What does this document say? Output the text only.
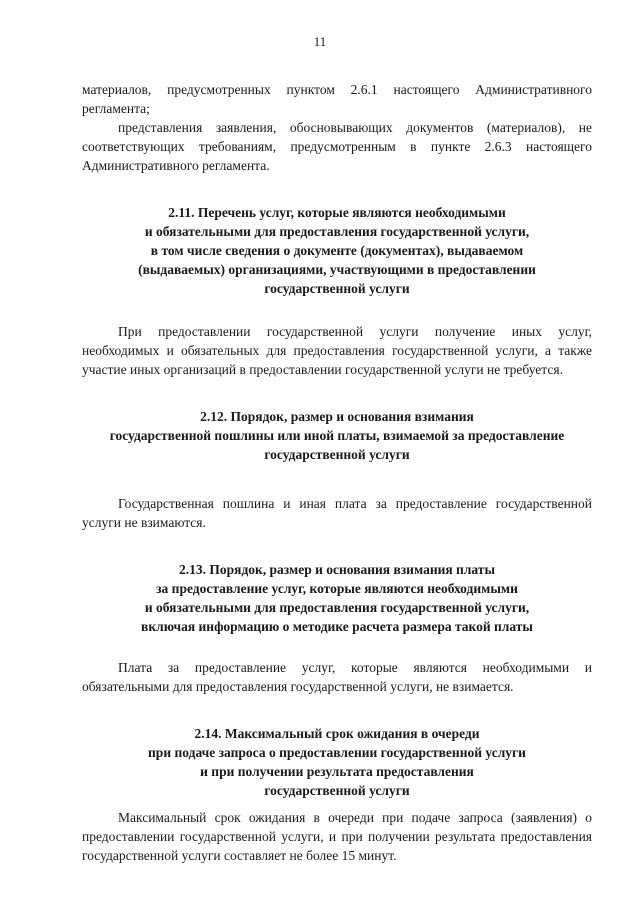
11

материалов, предусмотренных пунктом 2.6.1 настоящего Административного регламента;

представления заявления, обосновывающих документов (материалов), не соответствующих требованиям, предусмотренным в пункте 2.6.3 настоящего Административного регламента.

2.11. Перечень услуг, которые являются необходимыми

и обязательными для предоставления государственной услуги,

в том числе сведения о документе (документах), выдаваемом

(выдаваемых) организациями, участвующими в предоставлении

государственной услуги

При предоставлении государственной услуги получение иных услуг, необходимых и обязательных для предоставления государственной услуги, а также участие иных организаций в предоставлении государственной услуги не требуется.

2.12. Порядок, размер и основания взимания

государственной пошлины или иной платы, взимаемой за предоставление

государственной услуги

Государственная пошлина и иная плата за предоставление государственной услуги не взимаются.

2.13. Порядок, размер и основания взимания платы

за предоставление услуг, которые являются необходимыми

и обязательными для предоставления государственной услуги,

включая информацию о методике расчета размера такой платы

Плата за предоставление услуг, которые являются необходимыми и обязательными для предоставления государственной услуги, не взимается.

2.14. Максимальный срок ожидания в очереди

при подаче запроса о предоставлении государственной услуги

и при получении результата предоставления

государственной услуги

Максимальный срок ожидания в очереди при подаче запроса (заявления) о предоставлении государственной услуги, и при получении результата предоставления государственной услуги составляет не более 15 минут.
